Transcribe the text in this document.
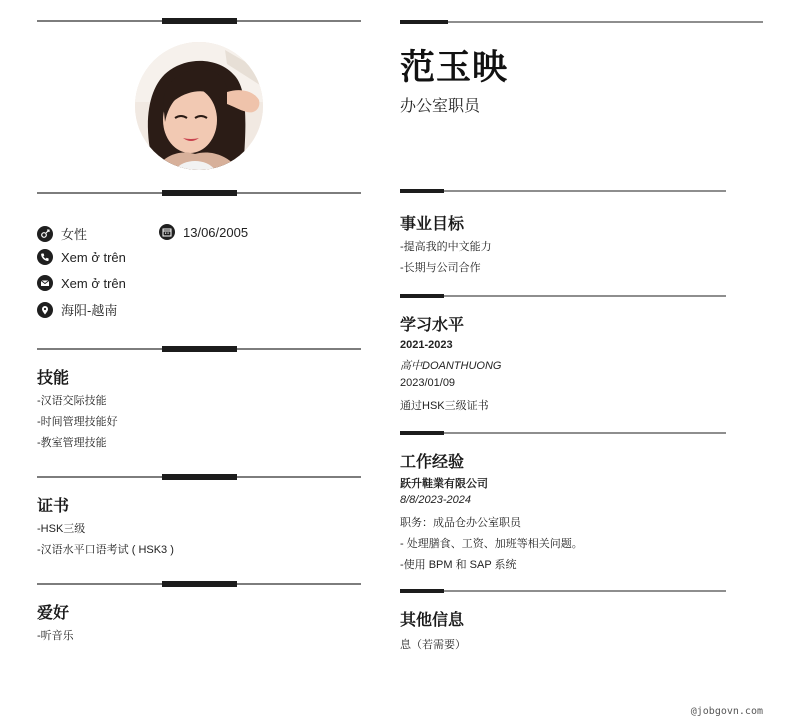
女性	13/06/2005
Xem ở trên
Xem ở trên
海阳-越南
技能
-汉语交际技能
-时间管理技能好
-教室管理技能
证书
-HSK三级
-汉语水平口语考试 ( HSK3 )
爱好
-听音乐
范玉映
办公室职员
事业目标
-提高我的中文能力
-长期与公司合作
学习水平
2021-2023
高中DOANTHUONG
2023/01/09
通过HSK三级证书
工作经验
跃升鞋業有限公司
8/8/2023-2024
职务：成品仓办公室职员
- 处理膳食、工资、加班等相关问题。
-使用 BPM 和 SAP 系统
其他信息
息（若需要）
@jobgovn.com
